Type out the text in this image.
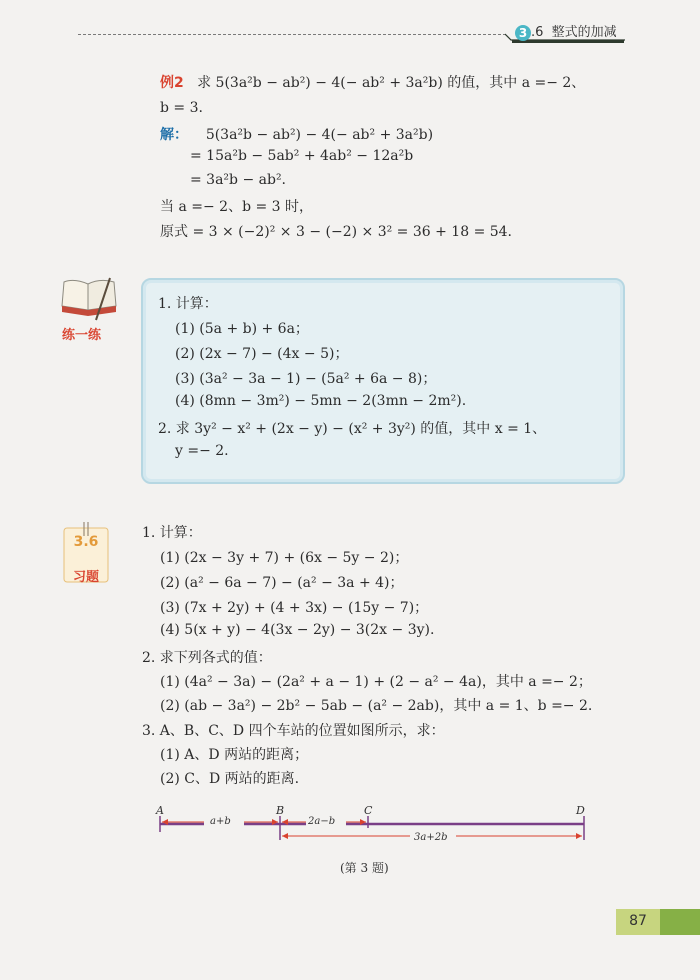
3 .6 整式的加减
例2 求 5(3a²b − ab²) − 4(− ab² + 3a²b) 的值，其中 a =− 2、
b = 3.
解： 5(3a²b − ab²) − 4(− ab² + 3a²b)
= 15a²b − 5ab² + 4ab² − 12a²b
= 3a²b − ab².
当 a =− 2、b = 3 时，
原式 = 3 × (−2)² × 3 − (−2) × 3² = 36 + 18 = 54.
练一练
1. 计算：
(1) (5a + b) + 6a；
(2) (2x − 7) − (4x − 5)；
(3) (3a² − 3a − 1) − (5a² + 6a − 8)；
(4) (8mn − 3m²) − 5mn − 2(3mn − 2m²).
2. 求 3y² − x² + (2x − y) − (x² + 3y²) 的值，其中 x = 1、
y =− 2.
3.6
习题
1. 计算：
(1) (2x − 3y + 7) + (6x − 5y − 2)；
(2) (a² − 6a − 7) − (a² − 3a + 4)；
(3) (7x + 2y) + (4 + 3x) − (15y − 7)；
(4) 5(x + y) − 4(3x − 2y) − 3(2x − 3y).
2. 求下列各式的值：
(1) (4a² − 3a) − (2a² + a − 1) + (2 − a² − 4a)，其中 a =− 2；
(2) (ab − 3a²) − 2b² − 5ab − (a² − 2ab)，其中 a = 1、b =− 2.
3. A、B、C、D 四个车站的位置如图所示，求：
(1) A、D 两站的距离；
(2) C、D 两站的距离.
A	B	C	D
a+b	2a−b
3a+2b
(第 3 题)
87
